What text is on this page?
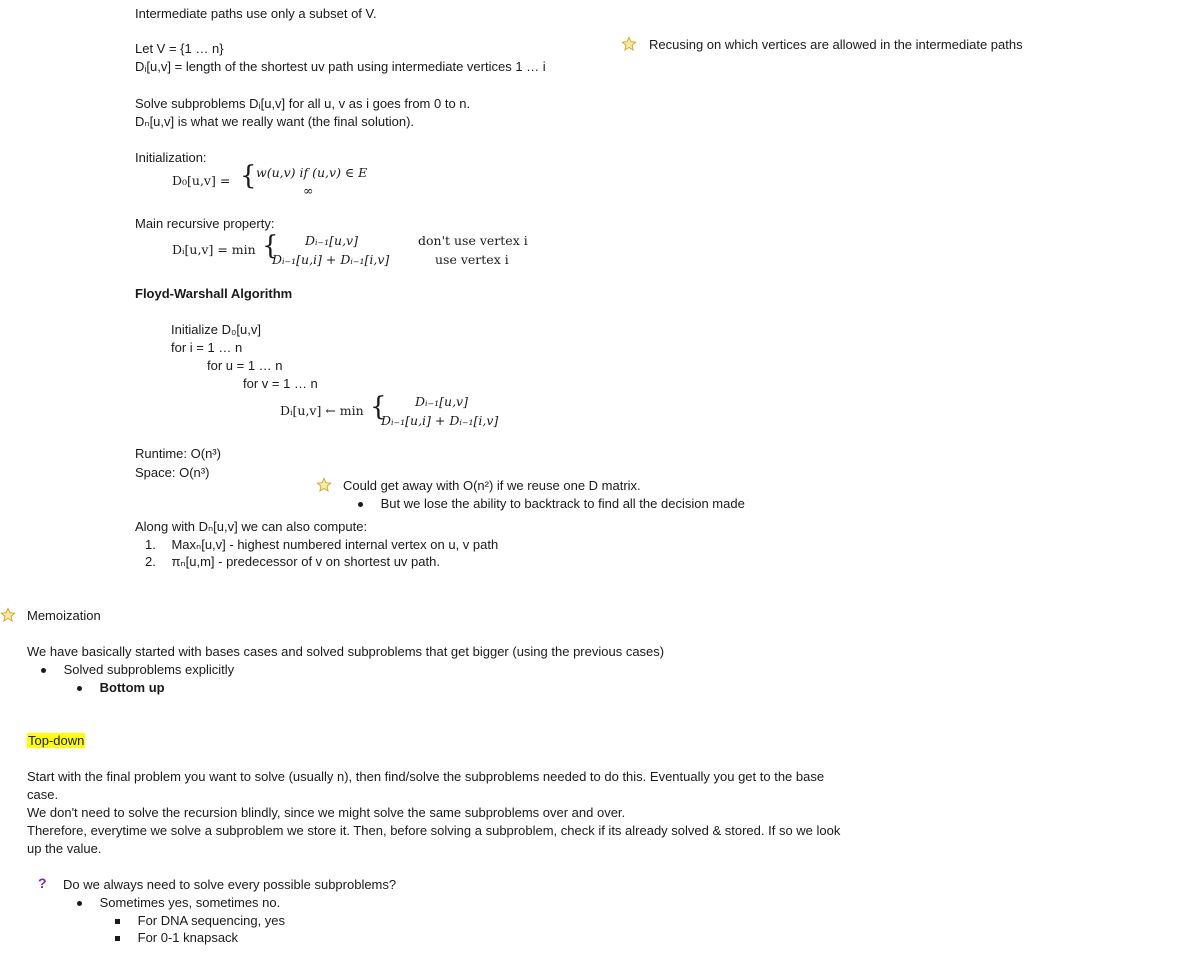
Intermediate paths use only a subset of V.
Let V = {1 … n}
Dᵢ[u,v] = length of the shortest uv path using intermediate vertices 1 … i
Recusing on which vertices are allowed in the intermediate paths
Solve subproblems Dᵢ[u,v] for all u, v as i goes from 0 to n.
Dₙ[u,v] is what we really want (the final solution).
Initialization:
D₀[u,v] = { w(u,v) if (u,v) ∈ E
∞
Main recursive property:
Dᵢ[u,v] = min { Dᵢ₋₁[u,v]
Dᵢ₋₁[u,i] + Dᵢ₋₁[i,v]
don't use vertex i
use vertex i
Floyd-Warshall Algorithm
Initialize D₀[u,v]
for i = 1 … n
for u = 1 … n
for v = 1 … n
Dᵢ[u,v] ← min { Dᵢ₋₁[u,v]
Dᵢ₋₁[u,i] + Dᵢ₋₁[i,v]
Runtime: O(n³)
Space: O(n³)
Could get away with O(n²) if we reuse one D matrix.
But we lose the ability to backtrack to find all the decision made
Along with Dₙ[u,v] we can also compute:
1. Maxₙ[u,v] - highest numbered internal vertex on u, v path
2. πₙ[u,m] - predecessor of v on shortest uv path.
Memoization
We have basically started with bases cases and solved subproblems that get bigger (using the previous cases)
Solved subproblems explicitly
Bottom up
Top-down
Start with the final problem you want to solve (usually n), then find/solve the subproblems needed to do this. Eventually you get to the base
case.
We don't need to solve the recursion blindly, since we might solve the same subproblems over and over.
Therefore, everytime we solve a subproblem we store it. Then, before solving a subproblem, check if its already solved & stored. If so we look
up the value.
? Do we always need to solve every possible subproblems?
Sometimes yes, sometimes no.
For DNA sequencing, yes
For 0-1 knapsack
